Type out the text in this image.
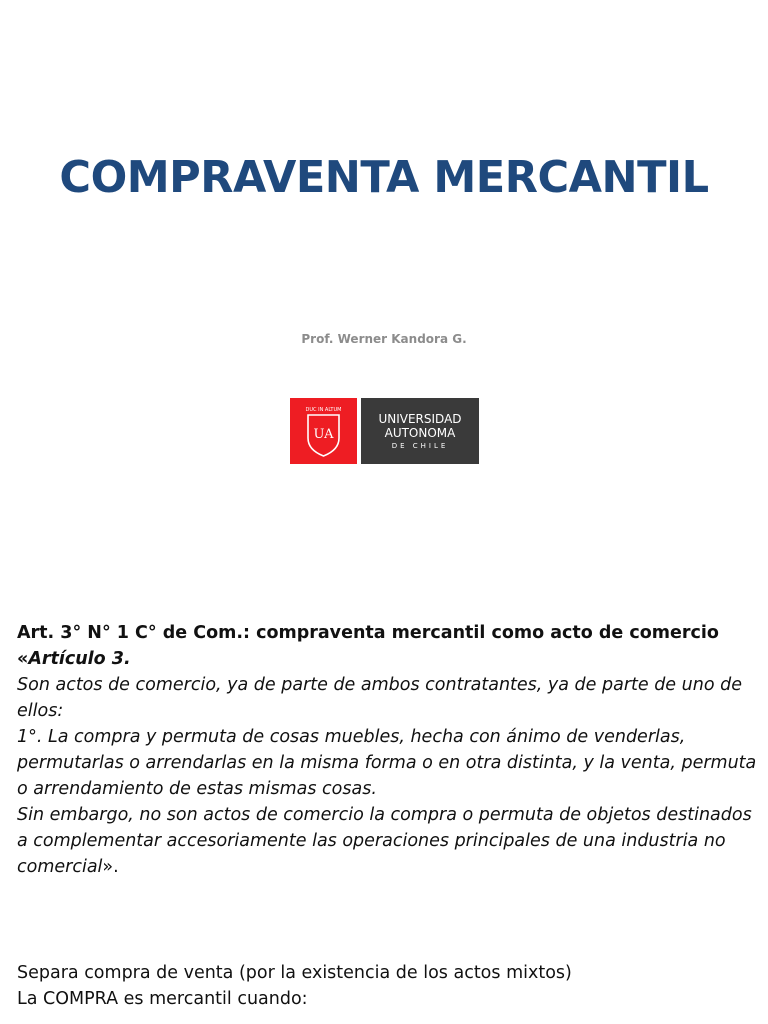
COMPRAVENTA MERCANTIL
Prof. Werner Kandora G.
DUC IN ALTUM
UA
UNIVERSIDAD
AUTONOMA
DE CHILE

Art. 3° N° 1 C° de Com.: compraventa mercantil como acto de comercio

«Artículo 3.

Son actos de comercio, ya de parte de ambos contratantes, ya de parte de uno de ellos:

1°. La compra y permuta de cosas muebles, hecha con ánimo de venderlas, permutarlas o arrendarlas en la misma forma o en otra distinta, y la venta, permuta o arrendamiento de estas mismas cosas.

Sin embargo, no son actos de comercio la compra o permuta de objetos destinados a complementar accesoriamente las operaciones principales de una industria no comercial».

Separa compra de venta (por la existencia de los actos mixtos)

La COMPRA es mercantil cuando:
